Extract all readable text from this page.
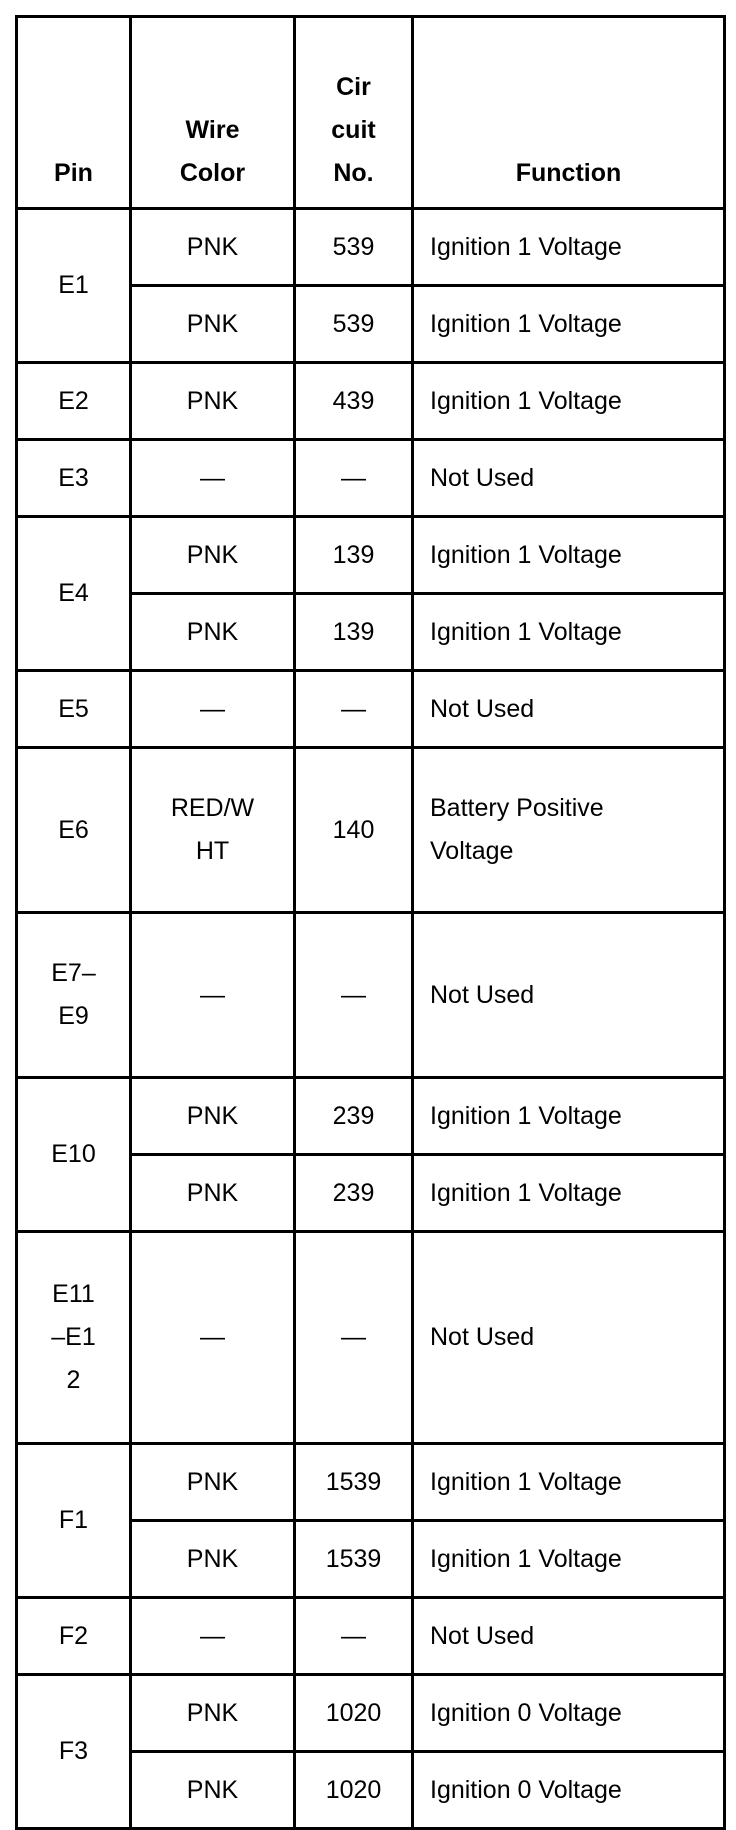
Pin	Wire Color	Cir cuit No.	Function

E1	PNK	539	Ignition 1 Voltage

	PNK	539	Ignition 1 Voltage

E2	PNK	439	Ignition 1 Voltage

E3	—	—	Not Used

E4	PNK	139	Ignition 1 Voltage

	PNK	139	Ignition 1 Voltage

E5	—	—	Not Used

E6	RED/WHT	140	Battery Positive Voltage

E7–E9	—	—	Not Used

E10	PNK	239	Ignition 1 Voltage

	PNK	239	Ignition 1 Voltage

E11–E12	—	—	Not Used

F1	PNK	1539	Ignition 1 Voltage

	PNK	1539	Ignition 1 Voltage

F2	—	—	Not Used

F3	PNK	1020	Ignition 0 Voltage

	PNK	1020	Ignition 0 Voltage
